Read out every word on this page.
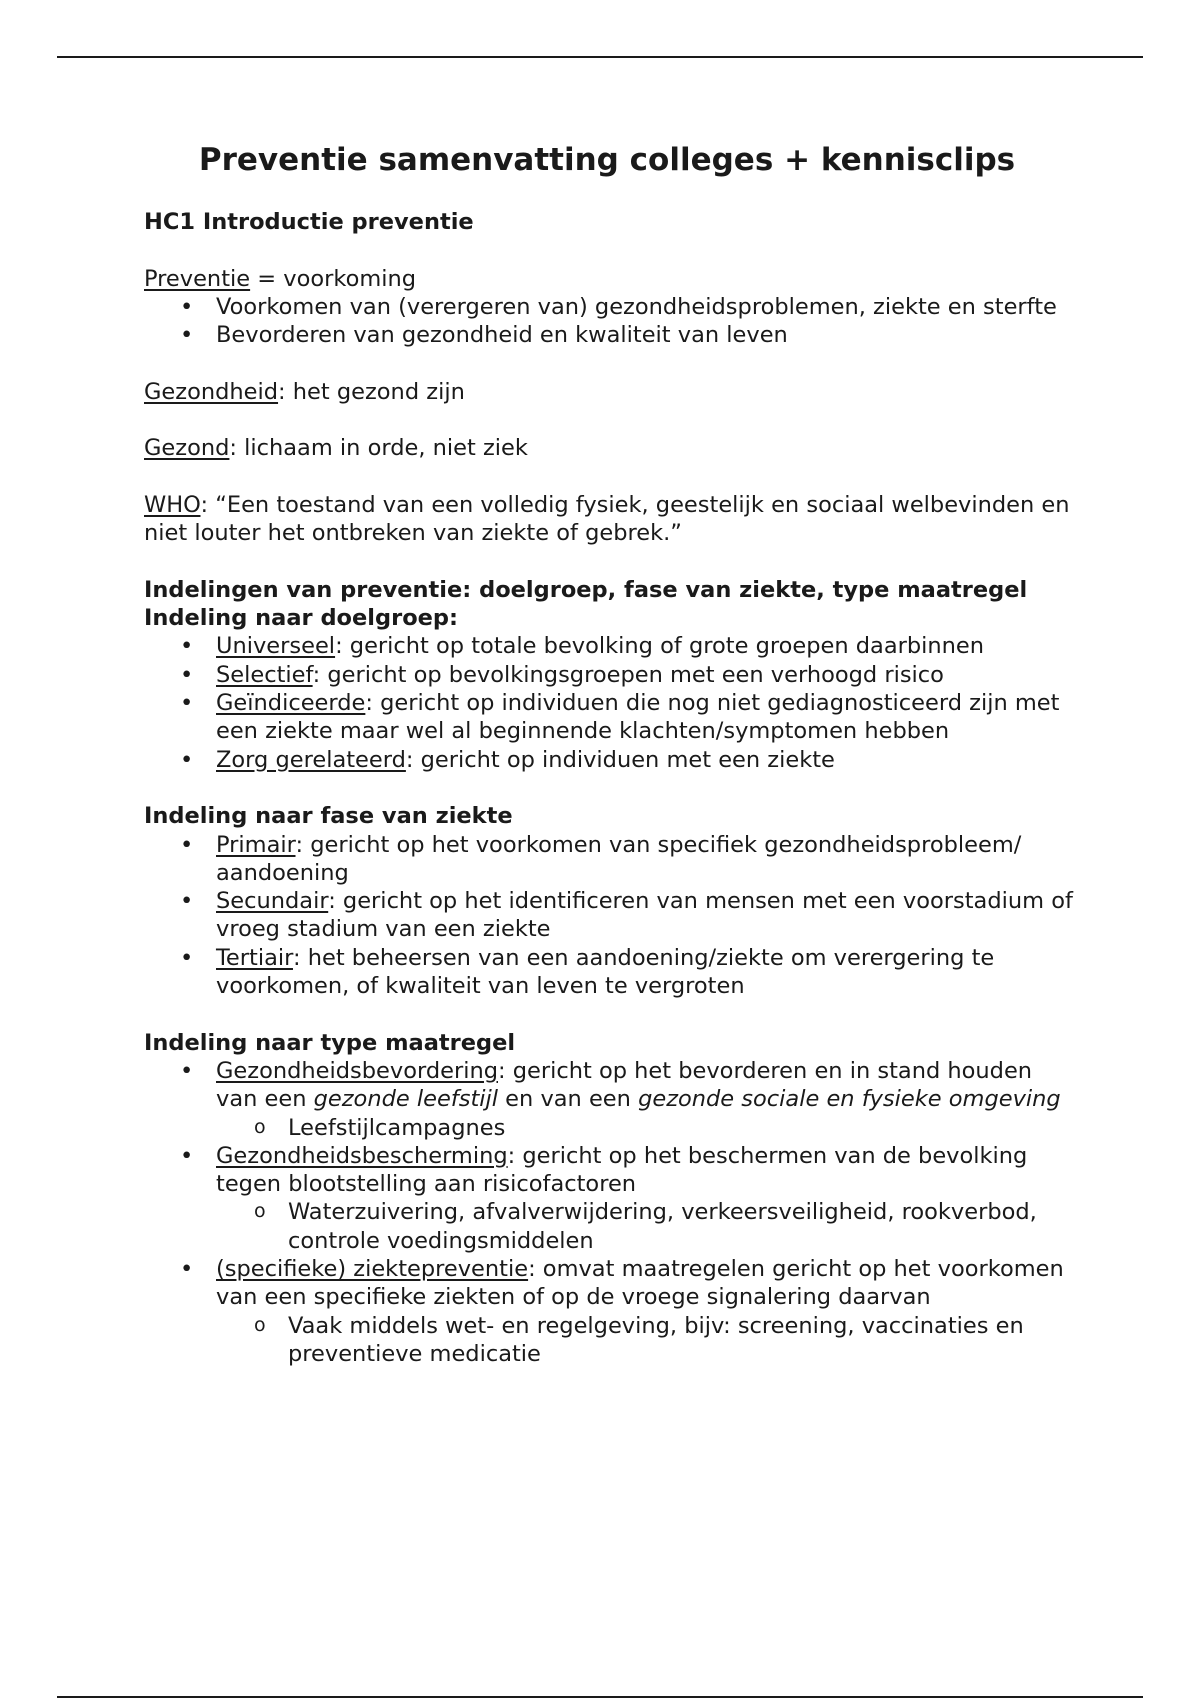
Preventie samenvatting colleges + kennisclips
HC1 Introductie preventie

Preventie = voorkoming

• Voorkomen van (verergeren van) gezondheidsproblemen, ziekte en sterfte
• Bevorderen van gezondheid en kwaliteit van leven

Gezondheid: het gezond zijn

Gezond: lichaam in orde, niet ziek

WHO: “Een toestand van een volledig fysiek, geestelijk en sociaal welbevinden en niet louter het ontbreken van ziekte of gebrek.”

Indelingen van preventie: doelgroep, fase van ziekte, type maatregel
Indeling naar doelgroep:
• Universeel: gericht op totale bevolking of grote groepen daarbinnen
• Selectief: gericht op bevolkingsgroepen met een verhoogd risico
• Geïndiceerde: gericht op individuen die nog niet gediagnosticeerd zijn met een ziekte maar wel al beginnende klachten/symptomen hebben
• Zorg gerelateerd: gericht op individuen met een ziekte
Indeling naar fase van ziekte
• Primair: gericht op het voorkomen van specifiek gezondheidsprobleem/ aandoening
• Secundair: gericht op het identificeren van mensen met een voorstadium of vroeg stadium van een ziekte
• Tertiair: het beheersen van een aandoening/ziekte om verergering te voorkomen, of kwaliteit van leven te vergroten
Indeling naar type maatregel
• Gezondheidsbevordering: gericht op het bevorderen en in stand houden van een gezonde leefstijl en van een gezonde sociale en fysieke omgeving
o Leefstijlcampagnes
• Gezondheidsbescherming: gericht op het beschermen van de bevolking tegen blootstelling aan risicofactoren
o Waterzuivering, afvalverwijdering, verkeersveiligheid, rookverbod, controle voedingsmiddelen
• (specifieke) ziektepreventie: omvat maatregelen gericht op het voorkomen van een specifieke ziekten of op de vroege signalering daarvan
o Vaak middels wet- en regelgeving, bijv: screening, vaccinaties en preventieve medicatie
